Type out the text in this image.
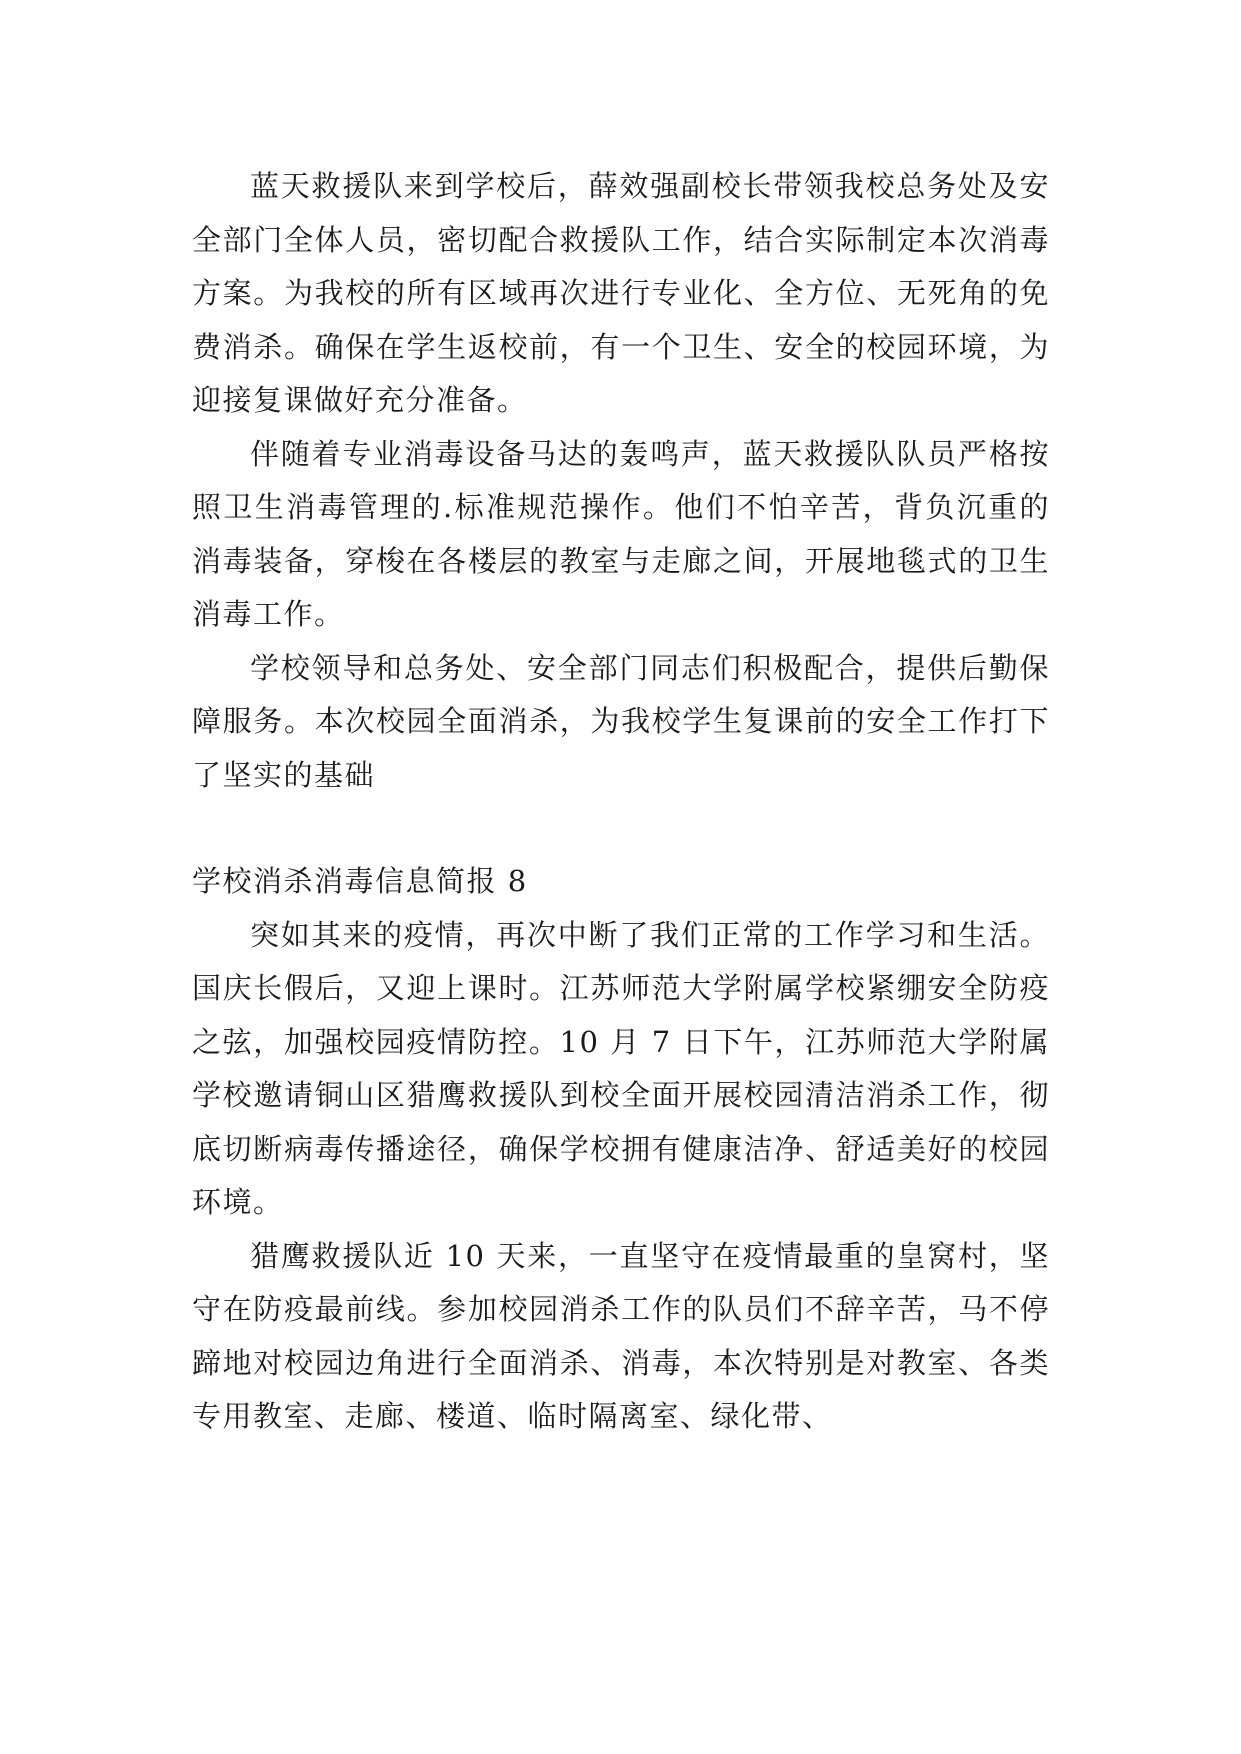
蓝天救援队来到学校后，薛效强副校长带领我校总务处及安全部门全体人员，密切配合救援队工作，结合实际制定本次消毒方案。为我校的所有区域再次进行专业化、全方位、无死角的免费消杀。确保在学生返校前，有一个卫生、安全的校园环境，为迎接复课做好充分准备。

伴随着专业消毒设备马达的轰鸣声，蓝天救援队队员严格按照卫生消毒管理的.标准规范操作。他们不怕辛苦，背负沉重的消毒装备，穿梭在各楼层的教室与走廊之间，开展地毯式的卫生消毒工作。

学校领导和总务处、安全部门同志们积极配合，提供后勤保障服务。本次校园全面消杀，为我校学生复课前的安全工作打下了坚实的基础

学校消杀消毒信息简报 8

突如其来的疫情，再次中断了我们正常的工作学习和生活。国庆长假后，又迎上课时。江苏师范大学附属学校紧绷安全防疫之弦，加强校园疫情防控。10 月 7 日下午，江苏师范大学附属学校邀请铜山区猎鹰救援队到校全面开展校园清洁消杀工作，彻底切断病毒传播途径，确保学校拥有健康洁净、舒适美好的校园环境。

猎鹰救援队近 10 天来，一直坚守在疫情最重的皇窝村，坚守在防疫最前线。参加校园消杀工作的队员们不辞辛苦，马不停蹄地对校园边角进行全面消杀、消毒，本次特别是对教室、各类专用教室、走廊、楼道、临时隔离室、绿化带、
